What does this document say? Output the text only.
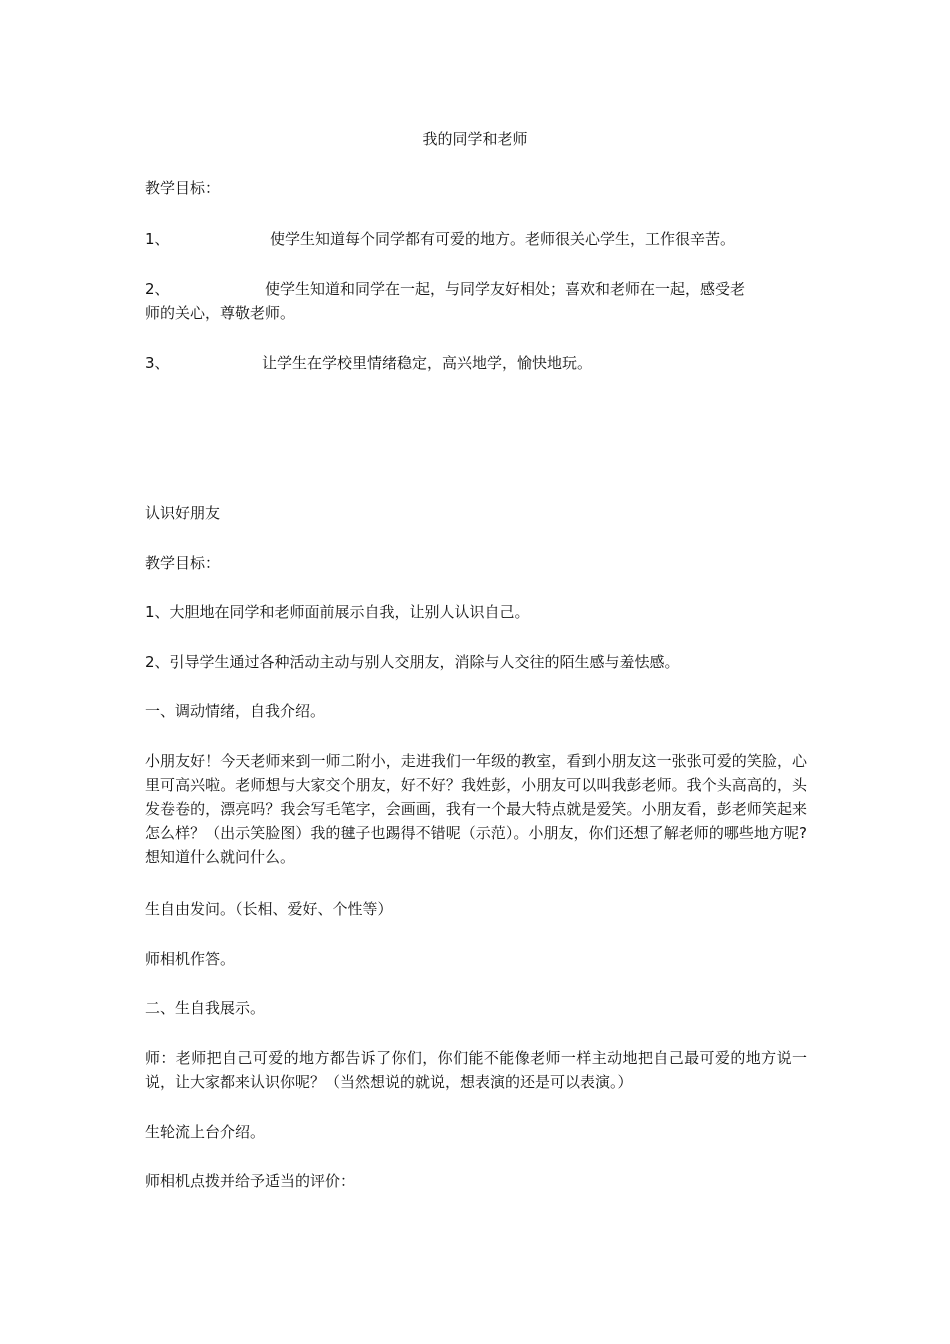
我的同学和老师
教学目标：
1、	使学生知道每个同学都有可爱的地方。老师很关心学生，工作很辛苦。
2、	使学生知道和同学在一起，与同学友好相处；喜欢和老师在一起，感受老
师的关心，尊敬老师。
3、	让学生在学校里情绪稳定，高兴地学，愉快地玩。
认识好朋友
教学目标：
1、大胆地在同学和老师面前展示自我，让别人认识自己。
2、引导学生通过各种活动主动与别人交朋友，消除与人交往的陌生感与羞怯感。
一、调动情绪，自我介绍。
小朋友好！今天老师来到一师二附小，走进我们一年级的教室，看到小朋友这一张张可爱的笑脸，心里可高兴啦。老师想与大家交个朋友，好不好？我姓彭，小朋友可以叫我彭老师。我个头高高的，头发卷卷的，漂亮吗？我会写毛笔字，会画画，我有一个最大特点就是爱笑。小朋友看，彭老师笑起来怎么样？（出示笑脸图）我的毽子也踢得不错呢（示范）。小朋友，你们还想了解老师的哪些地方呢?想知道什么就问什么。
生自由发问。（长相、爱好、个性等）
师相机作答。
二、生自我展示。
师：老师把自己可爱的地方都告诉了你们，你们能不能像老师一样主动地把自己最可爱的地方说一说，让大家都来认识你呢？（当然想说的就说，想表演的还是可以表演。）
生轮流上台介绍。
师相机点拨并给予适当的评价：
